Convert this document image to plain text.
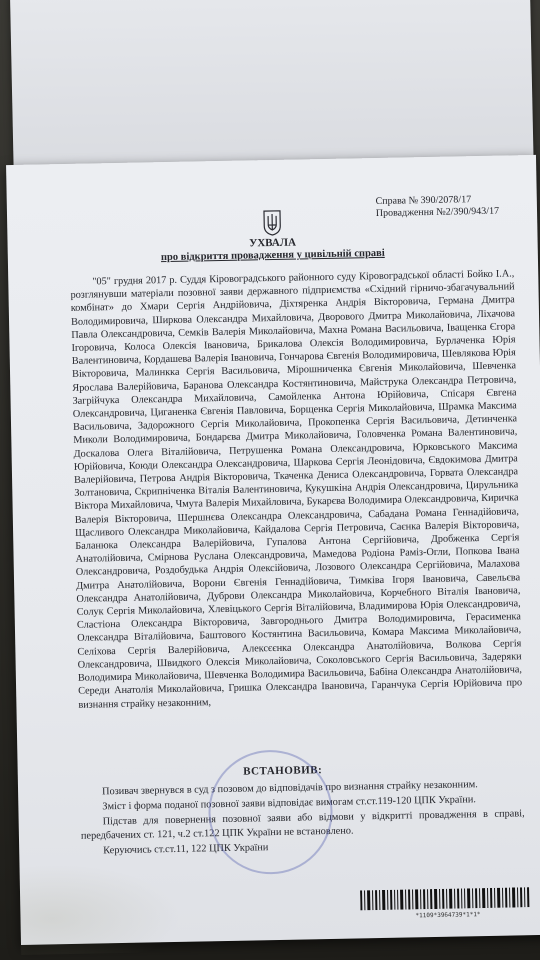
Справа № 390/2078/17
Провадження №2/390/943/17
УХВАЛА
про відкриття провадження у цивільній справі
"05" грудня 2017 р. Суддя Кіровоградського районного суду Кіровоградської області Бойко І.А., розглянувши матеріали позовної заяви державного підприємства «Східний гірничо-збагачувальний комбінат» до Хмари Сергія Андрійовича, Діхтяренка Андрія Вікторовича, Германа Дмитра Володимировича, Ширкова Олександра Михайловича, Дворового Дмитра Миколайовича, Ліхачова Павла Олександровича, Семків Валерія Миколайовича, Махна Романа Васильовича, Іващенка Єгора Ігоровича, Колоса Олексія Івановича, Брикалова Олексія Володимировича, Бурлаченка Юрія Валентиновича, Кордашева Валерія Івановича, Гончарова Євгенія Володимировича, Шевлякова Юрія Вікторовича, Малинкка Сергія Васильовича, Мірошниченка Євгенія Миколайовича, Шевченка Ярослава Валерійовича, Баранова Олександра Костянтиновича, Майструка Олександра Петровича, Загрійчука Олександра Михайловича, Самойленка Антона Юрійовича, Спісаря Євгена Олександровича, Циганенка Євгенія Павловича, Борщенка Сергія Миколайовича, Шрамка Максима Васильовича, Задорожного Сергія Миколайовича, Прокопенка Сергія Васильовича, Детинченка Миколи Володимировича, Бондарєва Дмитра Миколайовича, Головченка Романа Валентиновича, Доскалова Олега Віталійовича, Петрушенка Романа Олександровича, Юрковського Максима Юрійовича, Коюди Олександра Олександровича, Шаркова Сергія Леонідовича, Євдокимова Дмитра Валерійовича, Петрова Андрія Вікторовича, Ткаченка Дениса Олександровича, Горвата Олександра Золтановича, Скрипніченка Віталія Валентиновича, Кукушкіна Андрія Олександровича, Цирульника Віктора Михайловича, Чмута Валерія Михайловича, Букарєва Володимира Олександровича, Киричка Валерія Вікторовича, Шершнєва Олександра Олександровича, Сабадана Романа Геннадійовича, Щасливого Олександра Миколайовича, Кайдалова Сергія Петровича, Саєнка Валерія Вікторовича, Баланюка Олександра Валерійовича, Гупалова Антона Сергійовича, Дробженка Сергія Анатолійовича, Смірнова Руслана Олександровича, Мамедова Родіона Раміз-Огли, Попкова Івана Олександровича, Роздобудька Андрія Олексійовича, Лозового Олександра Сергійовича, Малахова Дмитра Анатолійовича, Ворони Євгенія Геннадійовича, Тимківа Ігоря Івановича, Савельєва Олександра Анатолійовича, Дуброви Олександра Миколайовича, Корчебного Віталія Івановича, Солук Сергія Миколайовича, Хлевіцького Сергія Віталійовича, Владимирова Юрія Олександровича, Сластіона Олександра Вікторовича, Завгороднього Дмитра Володимировича, Герасименка Олександра Віталійовича, Баштового Костянтина Васильовича, Комара Максима Миколайовича, Селіхова Сергія Валерійовича, Алексєєнка Олександра Анатолійовича, Волкова Сергія Олександровича, Швидкого Олексія Миколайовича, Соколовського Сергія Васильовича, Задеряки Володимира Миколайовича, Шевченка Володимира Васильовича, Бабіна Олександра Анатолійовича, Середи Анатолія Миколайовича, Гришка Олександра Івановича, Гаранчука Сергія Юрійовича про визнання страйку незаконним,
ВСТАНОВИВ:

Позивач звернувся в суд з позовом до відповідачів про визнання страйку незаконним.

Зміст і форма поданої позовної заяви відповідає вимогам ст.ст.119-120 ЦПК України.

Підстав для повернення позовної заяви або відмови у відкритті провадження в справі, передбачених ст. 121, ч.2 ст.122 ЦПК України не встановлено.

Керуючись ст.ст.11, 122 ЦПК України

*1109*3964739*1*1*
